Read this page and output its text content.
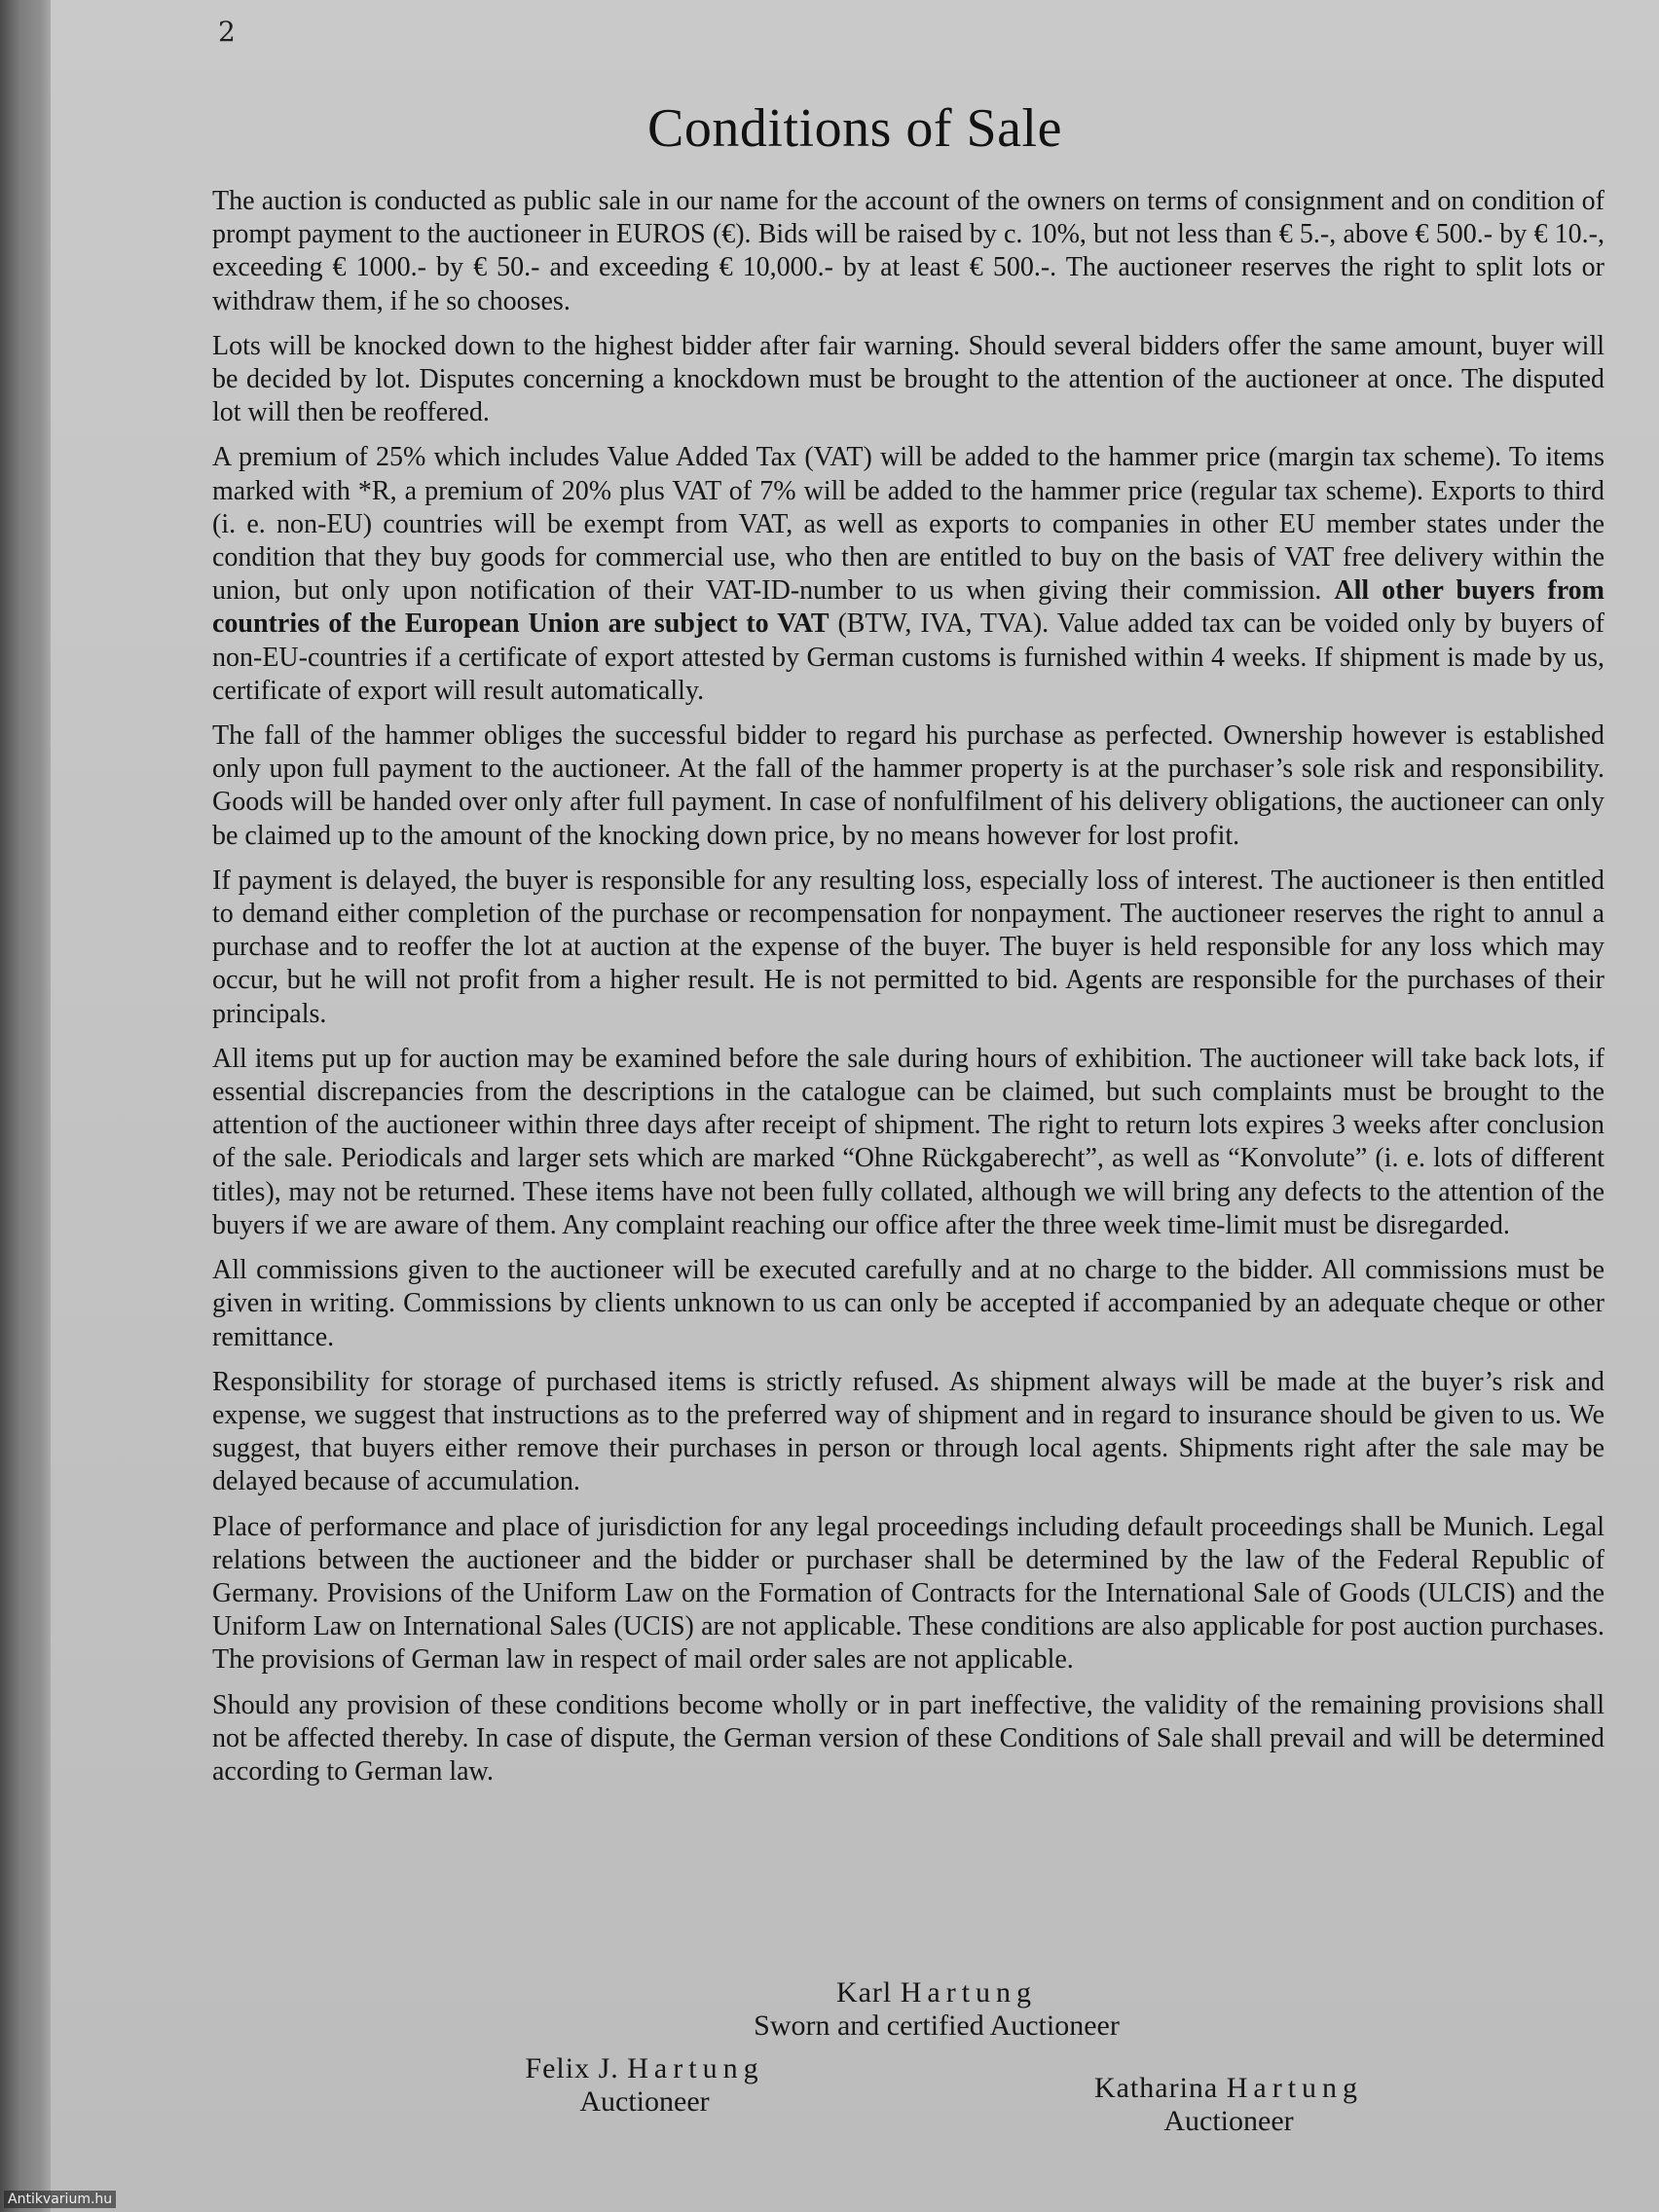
2
Conditions of Sale

The auction is conducted as public sale in our name for the account of the owners on terms of consignment and on condition of prompt payment to the auctioneer in EUROS (€). Bids will be raised by c. 10%, but not less than € 5.-, above € 500.- by € 10.-, exceeding € 1000.- by € 50.- and exceeding € 10,000.- by at least € 500.-. The auctioneer reserves the right to split lots or withdraw them, if he so chooses.

Lots will be knocked down to the highest bidder after fair warning. Should several bidders offer the same amount, buyer will be decided by lot. Disputes concerning a knockdown must be brought to the attention of the auctioneer at once. The disputed lot will then be reoffered.

A premium of 25% which includes Value Added Tax (VAT) will be added to the hammer price (margin tax scheme). To items marked with *R, a premium of 20% plus VAT of 7% will be added to the hammer price (regular tax scheme). Exports to third (i. e. non-EU) countries will be exempt from VAT, as well as exports to companies in other EU member states under the condition that they buy goods for commercial use, who then are entitled to buy on the basis of VAT free delivery within the union, but only upon notification of their VAT-ID-number to us when giving their commission. All other buyers from countries of the European Union are subject to VAT (BTW, IVA, TVA). Value added tax can be voided only by buyers of non-EU-countries if a certificate of export attested by German customs is furnished within 4 weeks. If shipment is made by us, certificate of export will result automatically.

The fall of the hammer obliges the successful bidder to regard his purchase as perfected. Ownership however is established only upon full payment to the auctioneer. At the fall of the hammer property is at the purchaser’s sole risk and responsibility. Goods will be handed over only after full payment. In case of nonfulfilment of his delivery obligations, the auctioneer can only be claimed up to the amount of the knocking down price, by no means however for lost profit.

If payment is delayed, the buyer is responsible for any resulting loss, especially loss of interest. The auctioneer is then entitled to demand either completion of the purchase or recompensation for nonpayment. The auctioneer reserves the right to annul a purchase and to reoffer the lot at auction at the expense of the buyer. The buyer is held responsible for any loss which may occur, but he will not profit from a higher result. He is not permitted to bid. Agents are responsible for the purchases of their principals.

All items put up for auction may be examined before the sale during hours of exhibition. The auctioneer will take back lots, if essential discrepancies from the descriptions in the catalogue can be claimed, but such complaints must be brought to the attention of the auctioneer within three days after receipt of shipment. The right to return lots expires 3 weeks after conclusion of the sale. Periodicals and larger sets which are marked “Ohne Rückgaberecht”, as well as “Konvolute” (i. e. lots of different titles), may not be returned. These items have not been fully collated, although we will bring any defects to the attention of the buyers if we are aware of them. Any complaint reaching our office after the three week time-limit must be disregarded.

All commissions given to the auctioneer will be executed carefully and at no charge to the bidder. All commissions must be given in writing. Commissions by clients unknown to us can only be accepted if accompanied by an adequate cheque or other remittance.

Responsibility for storage of purchased items is strictly refused. As shipment always will be made at the buyer’s risk and expense, we suggest that instructions as to the preferred way of shipment and in regard to insurance should be given to us. We suggest, that buyers either remove their purchases in person or through local agents. Shipments right after the sale may be delayed because of accumulation.

Place of performance and place of jurisdiction for any legal proceedings including default proceedings shall be Munich. Legal relations between the auctioneer and the bidder or purchaser shall be determined by the law of the Federal Republic of Germany. Provisions of the Uniform Law on the Formation of Contracts for the International Sale of Goods (ULCIS) and the Uniform Law on International Sales (UCIS) are not applicable. These conditions are also applicable for post auction purchases. The provisions of German law in respect of mail order sales are not applicable.

Should any provision of these conditions become wholly or in part ineffective, the validity of the remaining provisions shall not be affected thereby. In case of dispute, the German version of these Conditions of Sale shall prevail and will be determined according to German law.

Karl Hartung
Sworn and certified Auctioneer
Felix J. Hartung
Auctioneer	Katharina Hartung
Auctioneer
Antikvarium.hu
